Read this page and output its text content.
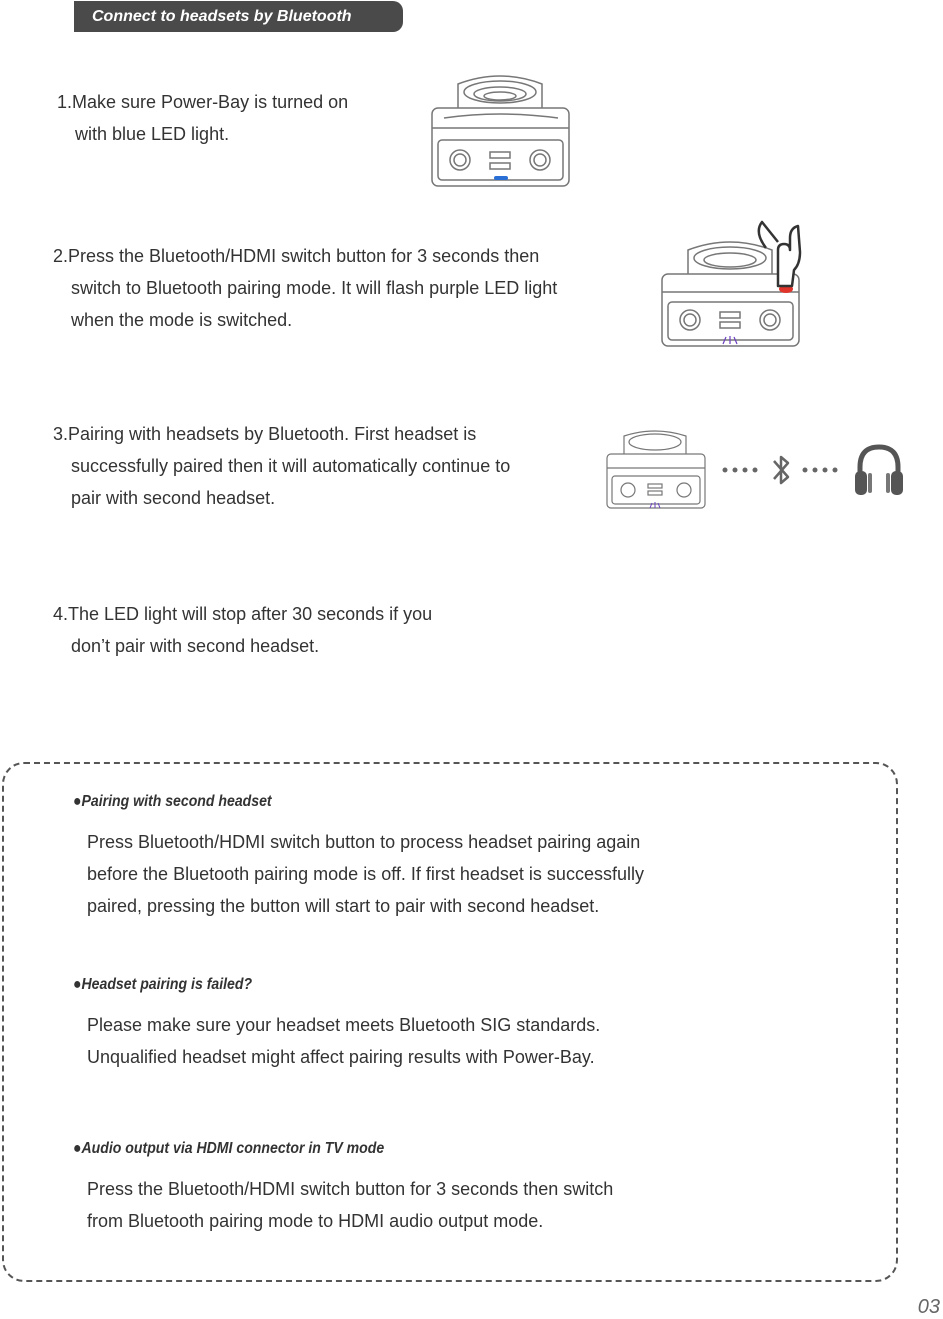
Connect to headsets by Bluetooth

1.Make sure Power-Bay is turned on

with blue LED light.

2.Press the Bluetooth/HDMI switch button for 3 seconds then

switch to Bluetooth pairing mode. It will flash purple LED light

when the mode is switched.

3.Pairing with headsets by Bluetooth. First headset is

successfully paired then it will automatically continue to

pair with second headset.

4.The LED light will stop after 30 seconds if you

don’t pair with second headset.

●Pairing with second headset

Press Bluetooth/HDMI switch button to process headset pairing again

before the Bluetooth pairing mode is off. If first headset is successfully

paired, pressing the button will start to pair with second headset.

●Headset pairing is failed?

Please make sure your headset meets Bluetooth SIG standards.

Unqualified headset might affect pairing results with Power-Bay.

●Audio output via HDMI connector in TV mode

Press the Bluetooth/HDMI switch button for 3 seconds then switch

from Bluetooth pairing mode to HDMI audio output mode.

03
